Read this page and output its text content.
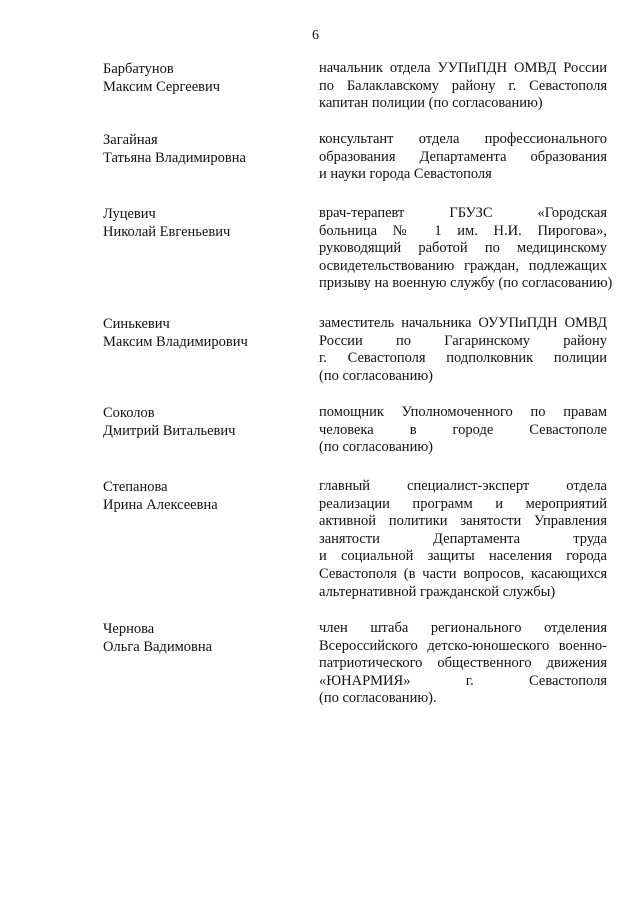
6
Барбатунов
Максим Сергеевич
начальник отдела УУПиПДН ОМВД России
по Балаклавскому району г. Севастополя
капитан полиции (по согласованию)
Загайная
Татьяна Владимировна
консультант отдела профессионального
образования Департамента образования
и науки города Севастополя
Луцевич
Николай Евгеньевич
врач-терапевт ГБУЗС «Городская
больница № 1 им. Н.И. Пирогова»,
руководящий работой по медицинскому
освидетельствованию граждан, подлежащих
призыву на военную службу (по согласованию)
Синькевич
Максим Владимирович
заместитель начальника ОУУПиПДН ОМВД
России по Гагаринскому району
г. Севастополя подполковник полиции
(по согласованию)
Соколов
Дмитрий Витальевич
помощник Уполномоченного по правам
человека в городе Севастополе
(по согласованию)
Степанова
Ирина Алексеевна
главный специалист-эксперт отдела
реализации программ и мероприятий
активной политики занятости Управления
занятости Департамента труда
и социальной защиты населения города
Севастополя (в части вопросов, касающихся
альтернативной гражданской службы)
Чернова
Ольга Вадимовна
член штаба регионального отделения
Всероссийского детско-юношеского военно-
патриотического общественного движения
«ЮНАРМИЯ» г. Севастополя
(по согласованию).
